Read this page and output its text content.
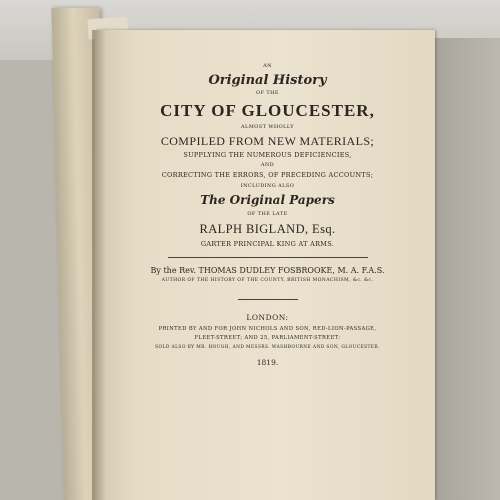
AN
Original History
OF THE
CITY OF GLOUCESTER,
ALMOST WHOLLY
COMPILED FROM NEW MATERIALS;
SUPPLYING THE NUMEROUS DEFICIENCIES,
AND
CORRECTING THE ERRORS, OF PRECEDING ACCOUNTS;
INCLUDING ALSO
The Original Papers
OF THE LATE
RALPH BIGLAND, Esq.
GARTER PRINCIPAL KING AT ARMS.
By the Rev. THOMAS DUDLEY FOSBROOKE, M. A. F.A.S.
AUTHOR OF THE HISTORY OF THE COUNTY, BRITISH MONACHISM, &c. &c.
LONDON:
PRINTED BY AND FOR JOHN NICHOLS AND SON, RED-LION-PASSAGE,
FLEET-STREET; AND 25, PARLIAMENT-STREET:
SOLD ALSO BY MR. HOUGH, AND MESSRS. WASHBOURNE AND SON, GLOUCESTER.
1819.
